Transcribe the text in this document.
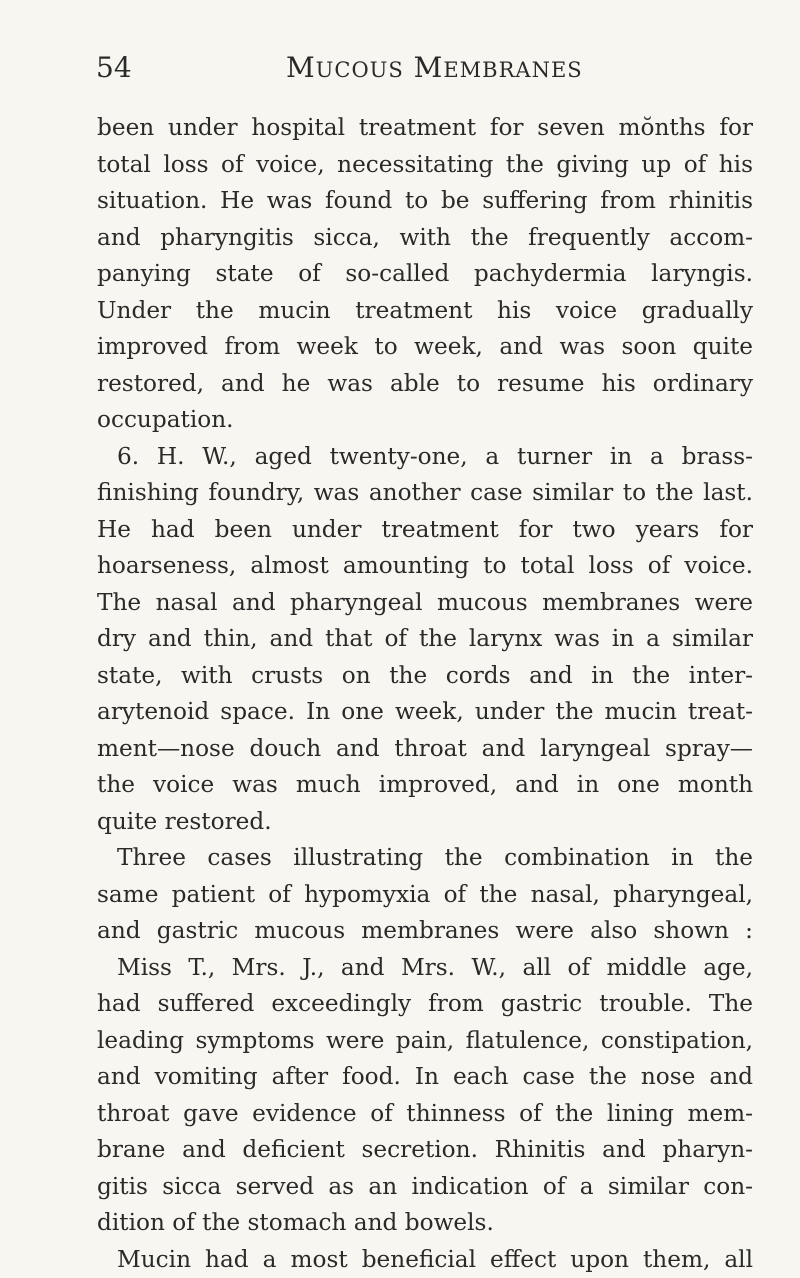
54	MUCOUS MEMBRANES
been under hospital treatment for seven mŏnths for
total loss of voice, necessitating the giving up of his
situation. He was found to be suffering from rhinitis
and pharyngitis sicca, with the frequently accom-
panying state of so-called pachydermia laryngis.
Under the mucin treatment his voice gradually
improved from week to week, and was soon quite
restored, and he was able to resume his ordinary
occupation.
6. H. W., aged twenty-one, a turner in a brass-
finishing foundry, was another case similar to the last.
He had been under treatment for two years for
hoarseness, almost amounting to total loss of voice.
The nasal and pharyngeal mucous membranes were
dry and thin, and that of the larynx was in a similar
state, with crusts on the cords and in the inter-
arytenoid space. In one week, under the mucin treat-
ment—nose douch and throat and laryngeal spray—
the voice was much improved, and in one month
quite restored.
Three cases illustrating the combination in the
same patient of hypomyxia of the nasal, pharyngeal,
and gastric mucous membranes were also shown :
Miss T., Mrs. J., and Mrs. W., all of middle age,
had suffered exceedingly from gastric trouble. The
leading symptoms were pain, flatulence, constipation,
and vomiting after food. In each case the nose and
throat gave evidence of thinness of the lining mem-
brane and deficient secretion. Rhinitis and pharyn-
gitis sicca served as an indication of a similar con-
dition of the stomach and bowels.
Mucin had a most beneficial effect upon them, all
